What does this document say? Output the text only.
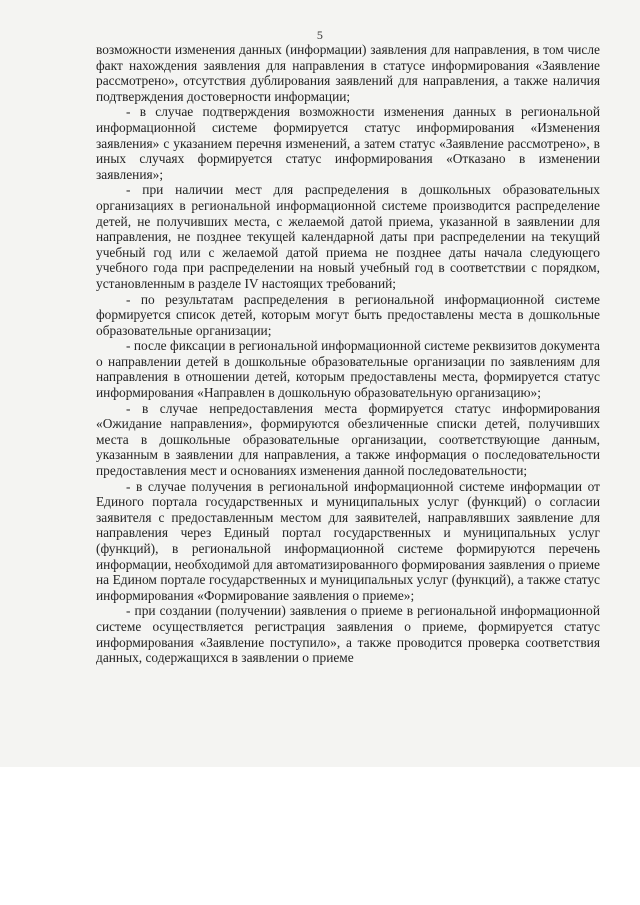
5

возможности изменения данных (информации) заявления для направления, в том числе факт нахождения заявления для направления в статусе информирования «Заявление рассмотрено», отсутствия дублирования заявлений для направления, а также наличия подтверждения достоверности информации;

- в случае подтверждения возможности изменения данных в региональной информационной системе формируется статус информирования «Изменения заявления» с указанием перечня изменений, а затем статус «Заявление рассмотрено», в иных случаях формируется статус информирования «Отказано в изменении заявления»;

- при наличии мест для распределения в дошкольных образовательных организациях в региональной информационной системе производится распределение детей, не получивших места, с желаемой датой приема, указанной в заявлении для направления, не позднее текущей календарной даты при распределении на текущий учебный год или с желаемой датой приема не позднее даты начала следующего учебного года при распределении на новый учебный год в соответствии с порядком, установленным в разделе IV настоящих требований;

- по результатам распределения в региональной информационной системе формируется список детей, которым могут быть предоставлены места в дошкольные образовательные организации;

- после фиксации в региональной информационной системе реквизитов документа о направлении детей в дошкольные образовательные организации по заявлениям для направления в отношении детей, которым предоставлены места, формируется статус информирования «Направлен в дошкольную образовательную организацию»;

- в случае непредоставления места формируется статус информирования «Ожидание направления», формируются обезличенные списки детей, получивших места в дошкольные образовательные организации, соответствующие данным, указанным в заявлении для направления, а также информация о последовательности предоставления мест и основаниях изменения данной последовательности;

- в случае получения в региональной информационной системе информации от Единого портала государственных и муниципальных услуг (функций) о согласии заявителя с предоставленным местом для заявителей, направлявших заявление для направления через Единый портал государственных и муниципальных услуг (функций), в региональной информационной системе формируются перечень информации, необходимой для автоматизированного формирования заявления о приеме на Едином портале государственных и муниципальных услуг (функций), а также статус информирования «Формирование заявления о приеме»;

- при создании (получении) заявления о приеме в региональной информационной системе осуществляется регистрация заявления о приеме, формируется статус информирования «Заявление поступило», а также проводится проверка соответствия данных, содержащихся в заявлении о приеме
